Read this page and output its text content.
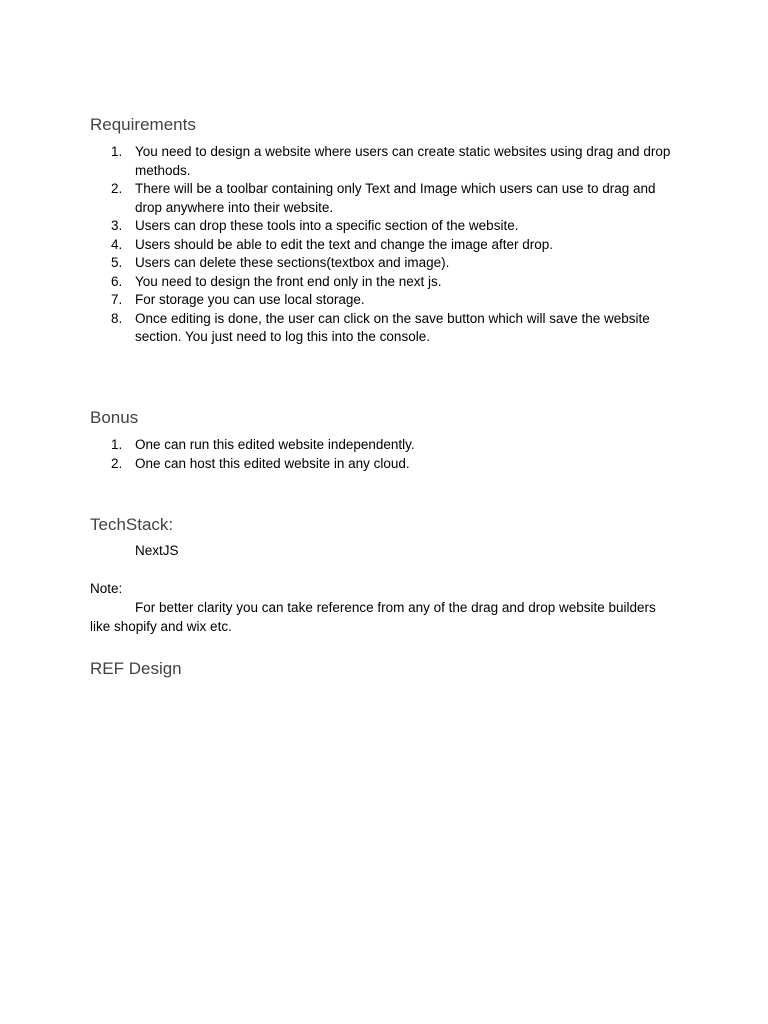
Requirements
1. You need to design a website where users can create static websites using drag and drop methods.
2. There will be a toolbar containing only Text and Image which users can use to drag and drop anywhere into their website.
3. Users can drop these tools into a specific section of the website.
4. Users should be able to edit the text and change the image after drop.
5. Users can delete these sections(textbox and image).
6. You need to design the front end only in the next js.
7. For storage you can use local storage.
8. Once editing is done, the user can click on the save button which will save the website section. You just need to log this into the console.
Bonus
1. One can run this edited website independently.
2. One can host this edited website in any cloud.
TechStack:

NextJS

Note:

For better clarity you can take reference from any of the drag and drop website builders

like shopify and wix etc.

REF Design
